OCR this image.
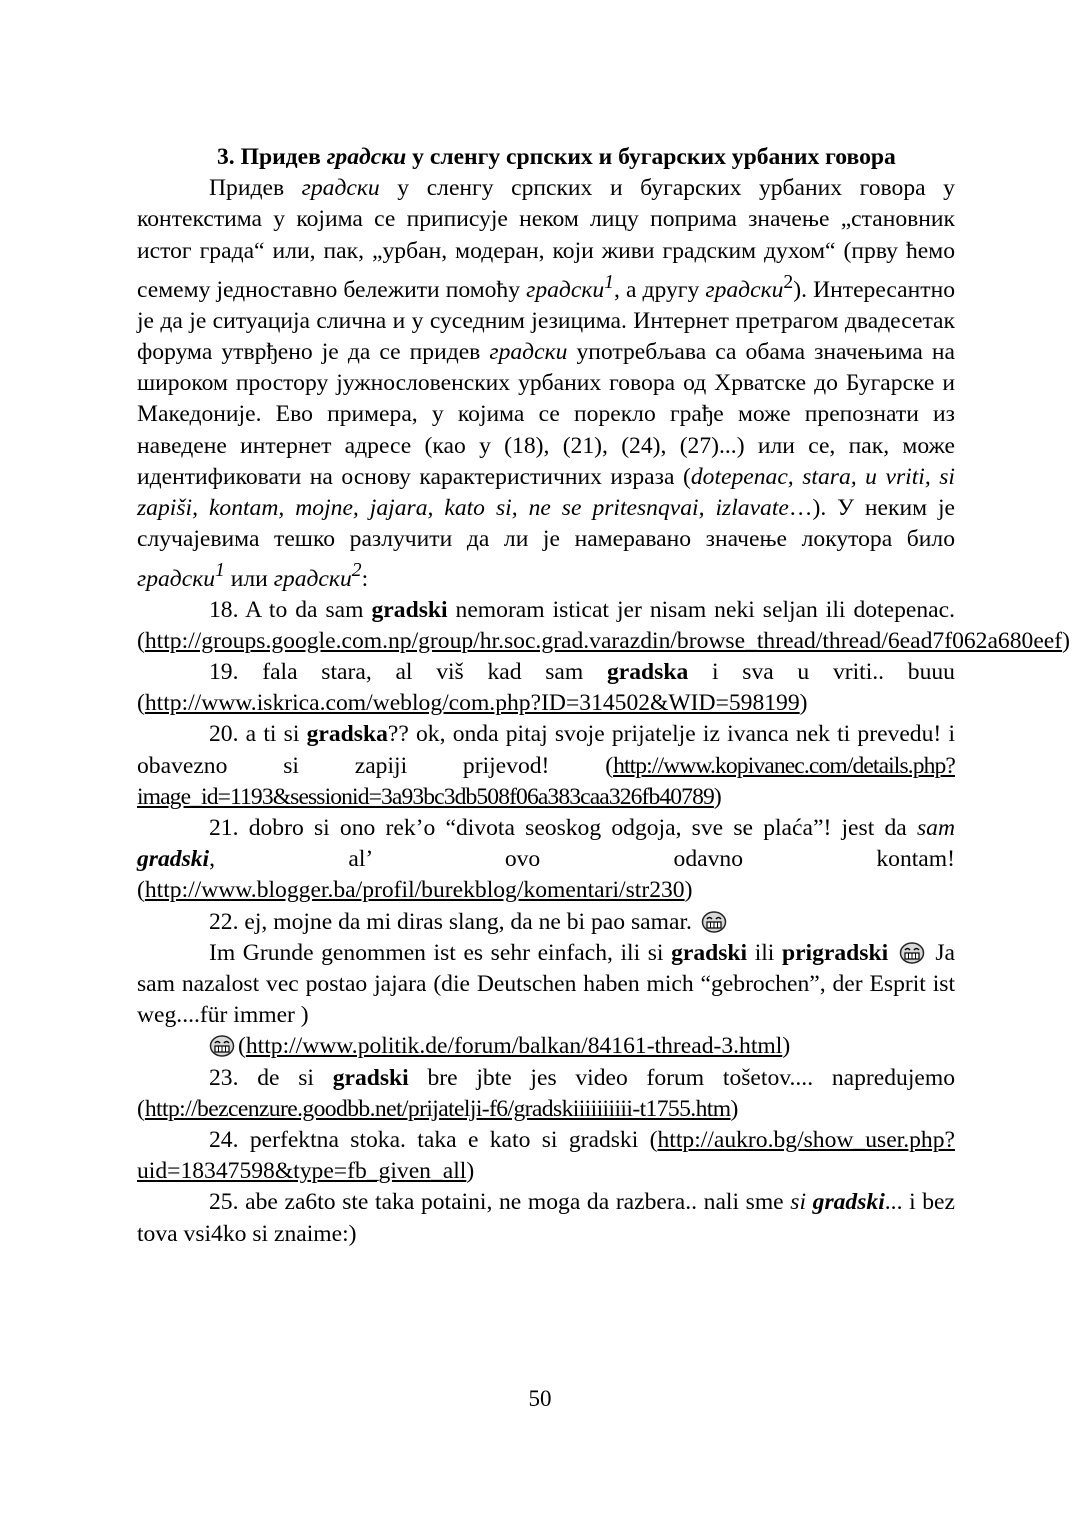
3. Придев градски у сленгу српских и бугарских урбаних говора

Придев градски у сленгу српских и бугарских урбаних говора у контекстима у којима се приписује неком лицу поприма значење „становник истог града“ или, пак, „урбан, модеран, који живи градским духом“ (прву ћемо семему једноставно бележити помоћу градски$^1$, а другу градски$^2$). Интересантно је да је ситуација слична и у суседним језицима. Интернет претрагом двадесетак форума утврђено је да се придев градски употребљава са обама значењима на широком простору јужнословенских урбаних говора од Хрватске до Бугарске и Македоније. Ево примера, у којима се порекло грађе може препознати из наведене интернет адресе (као у (18), (21), (24), (27)...) или се, пак, може идентификовати на основу карактеристичних израза (dotepenac, stara, u vriti, si zapiši, kontam, mojne, jajara, kato si, ne se pritesnqvai, izlavate…). У неким је случајевима тешко разлучити да ли је намеравано значење локутора било градски$^1$ или градски$^2$:

18. A to da sam gradski nemoram isticat jer nisam neki seljan ili dotepenac. (http://groups.google.com.np/group/hr.soc.grad.varazdin/browse_thread/thread/6ead7f062a680eef)

19. fala stara, al viš kad sam gradska i sva u vriti.. buuu (http://www.iskrica.com/weblog/com.php?ID=314502&WID=598199)

20. a ti si gradska?? ok, onda pitaj svoje prijatelje iz ivanca nek ti prevedu! i obavezno si zapiji prijevod! (http://www.kopivanec.com/details.php?image_id=1193&sessionid=3a93bc3db508f06a383caa326fb40789)

21. dobro si ono rek’o “divota seoskog odgoja, sve se plaća”! jest da sam gradski, al’ ovo odavno kontam! (http://www.blogger.ba/profil/burekblog/komentari/str230)

22. ej, mojne da mi diras slang, da ne bi pao samar.

Im Grunde genommen ist es sehr einfach, ili si gradski ili prigradski  Ja sam nazalost vec postao jajara (die Deutschen haben mich “gebrochen”, der Esprit ist weg....für immer )

(http://www.politik.de/forum/balkan/84161-thread-3.html)

23. de si gradski bre jbte jes video forum tošetov.... napredujemo (http://bezcenzure.goodbb.net/prijatelji-f6/gradskiiiiiiiiii-t1755.htm)

24. perfektna stoka. taka e kato si gradski (http://aukro.bg/show_user.php?uid=18347598&type=fb_given_all)

25. abe za6to ste taka potaini, ne moga da razbera.. nali sme si gradski... i bez tova vsi4ko si znaime:)

50
